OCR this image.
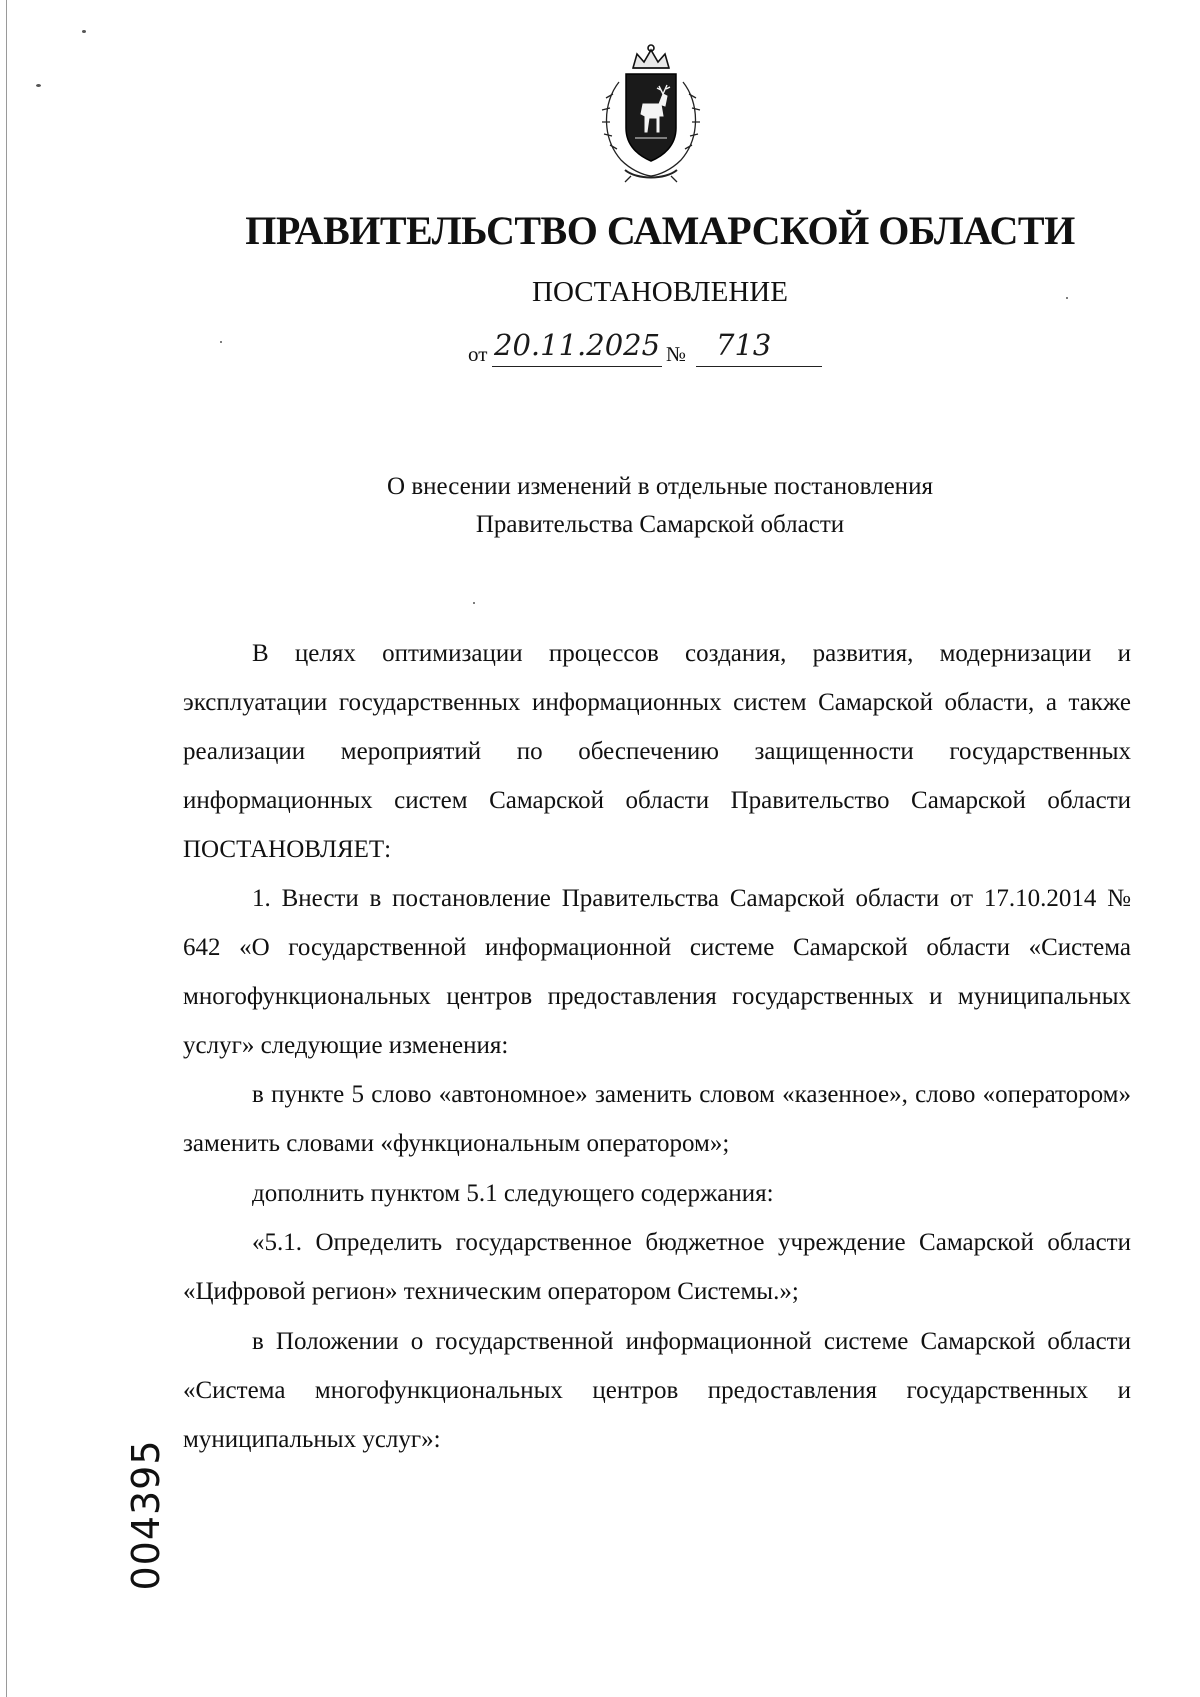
ПРАВИТЕЛЬСТВО САМАРСКОЙ ОБЛАСТИ
ПОСТАНОВЛЕНИЕ
от 20.11.2025 № 713
О внесении изменений в отдельные постановления
Правительства Самарской области

В целях оптимизации процессов создания, развития, модернизации и эксплуатации государственных информационных систем Самарской области, а также реализации мероприятий по обеспечению защищенности государственных информационных систем Самарской области Правительство Самарской области ПОСТАНОВЛЯЕТ:

1. Внести в постановление Правительства Самарской области от 17.10.2014 № 642 «О государственной информационной системе Самарской области «Система многофункциональных центров предоставления государственных и муниципальных услуг» следующие изменения:

в пункте 5 слово «автономное» заменить словом «казенное», слово «оператором» заменить словами «функциональным оператором»;

дополнить пунктом 5.1 следующего содержания:

«5.1. Определить государственное бюджетное учреждение Самарской области «Цифровой регион» техническим оператором Системы.»;

в Положении о государственной информационной системе Самарской области «Система многофункциональных центров предоставления государственных и муниципальных услуг»:

004395
